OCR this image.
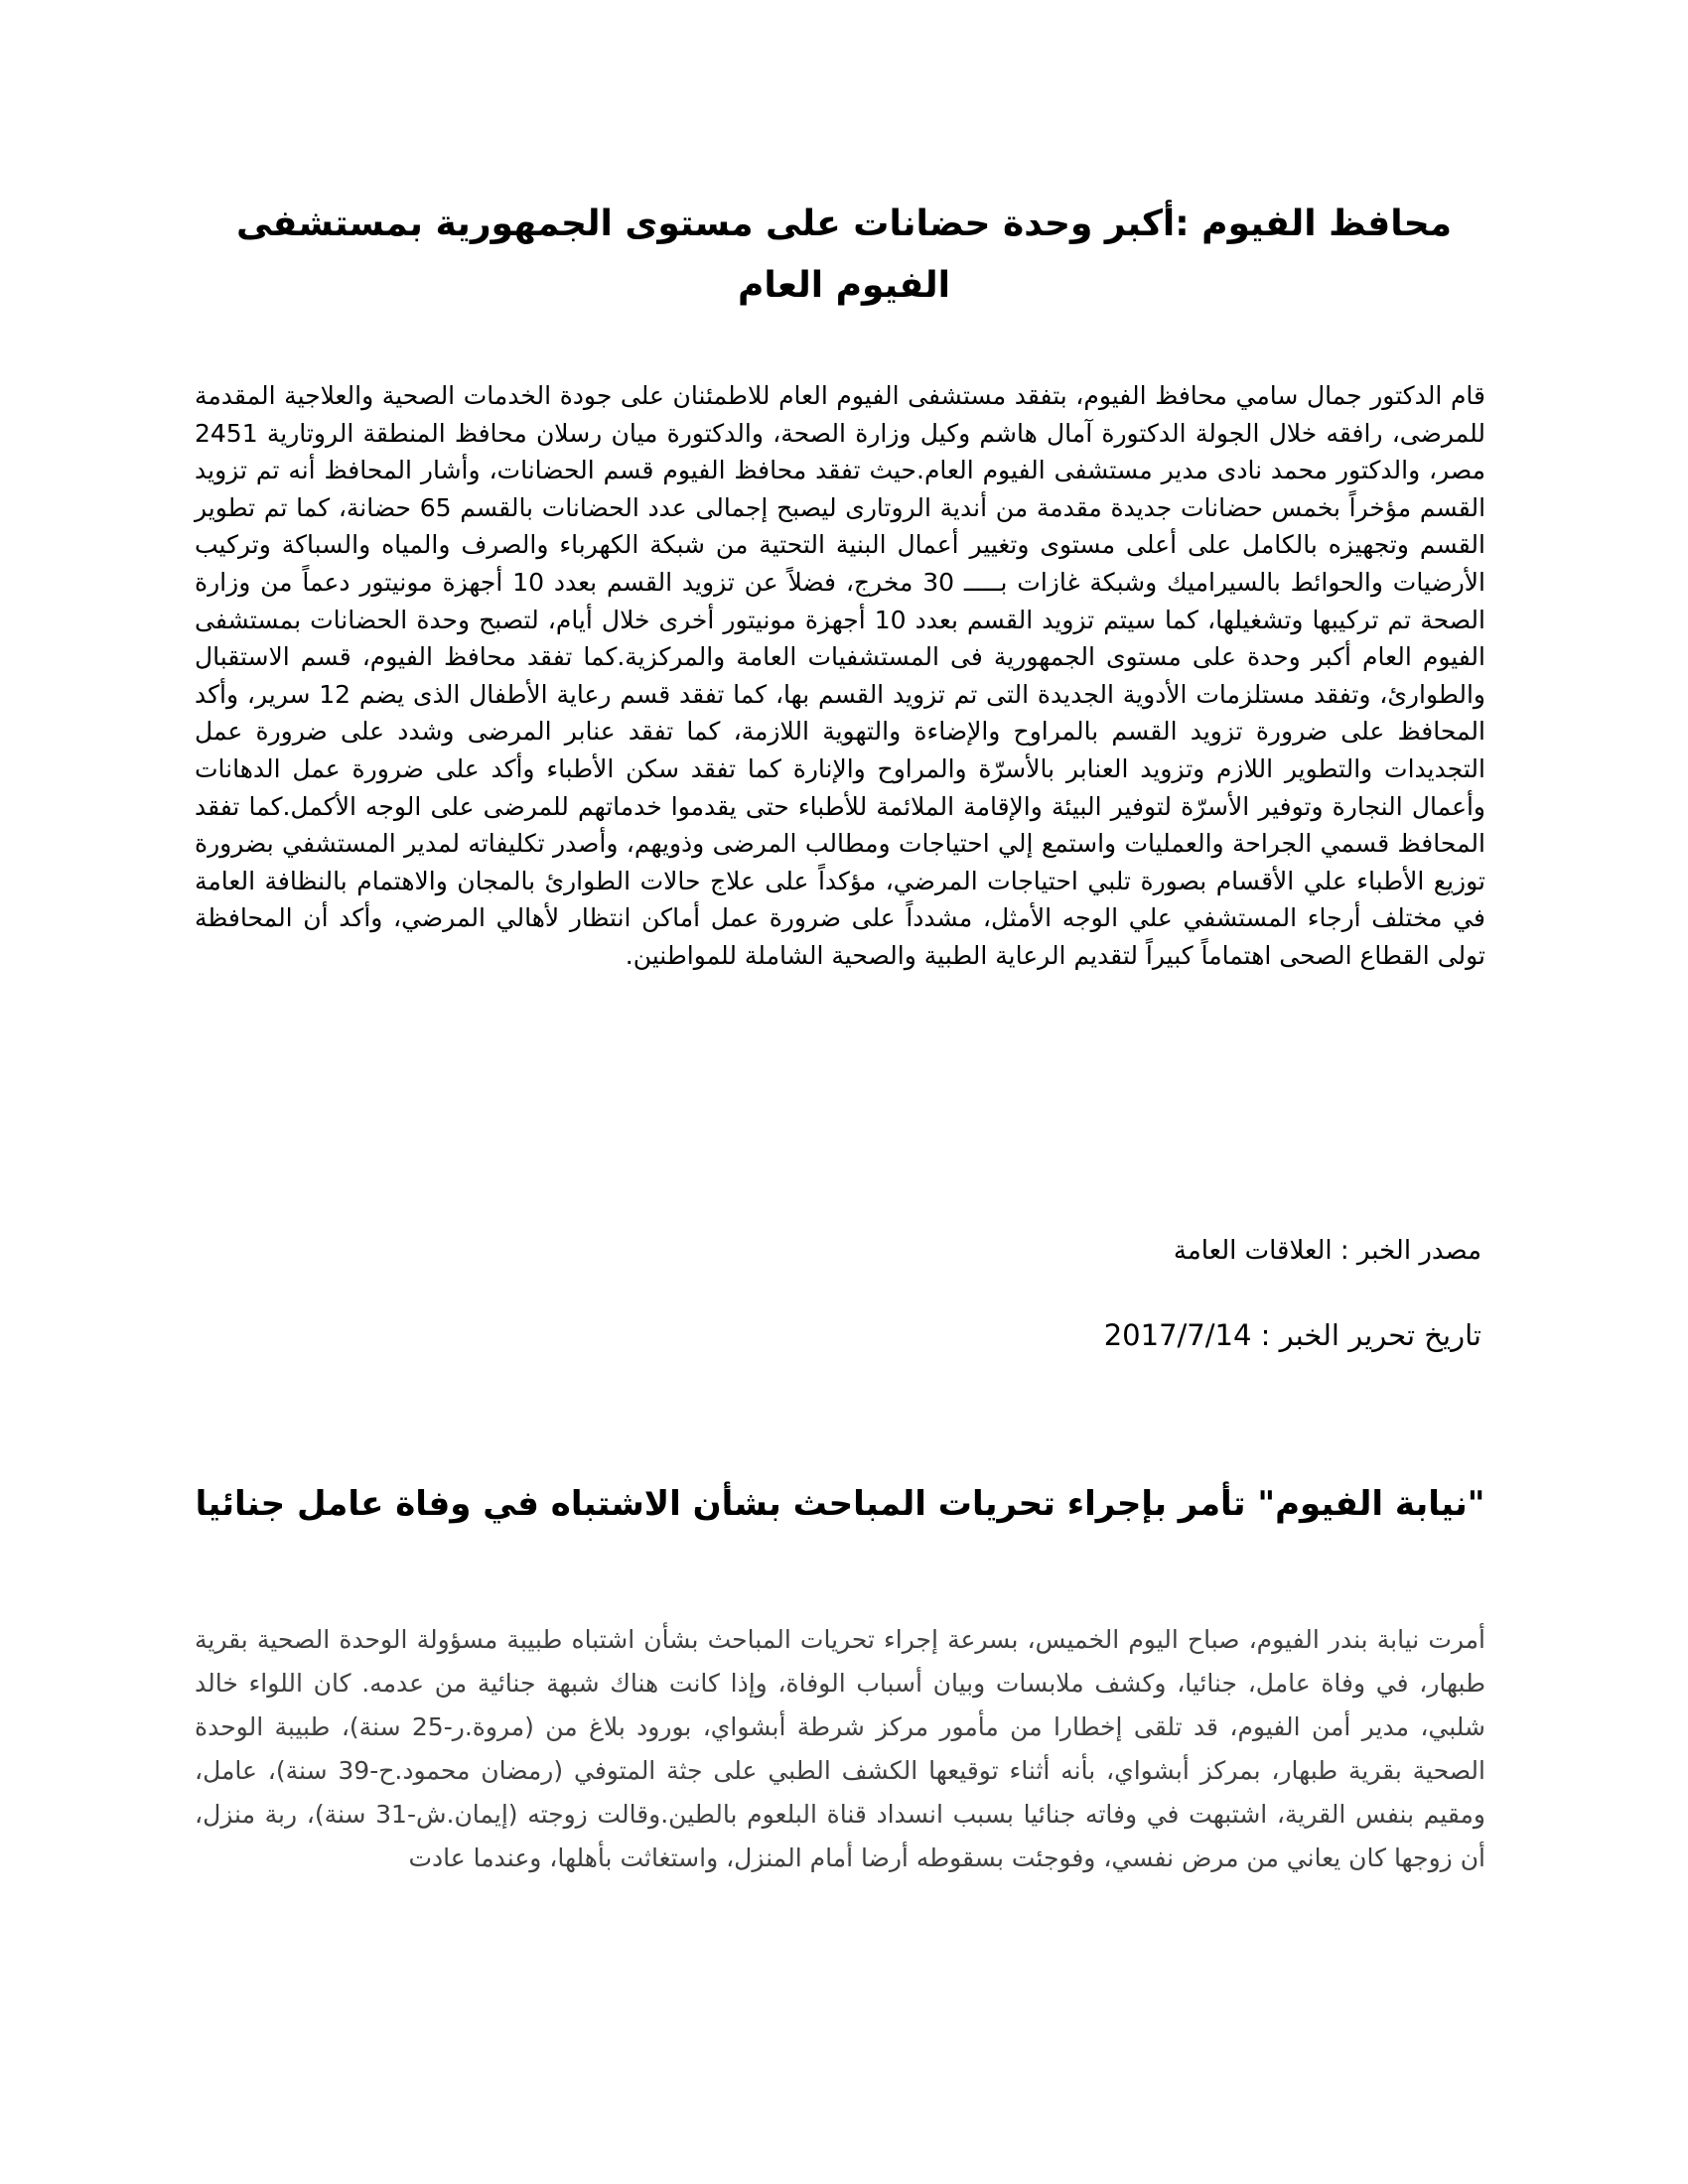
محافظ الفيوم :أكبر وحدة حضانات على مستوى الجمهورية بمستشفى الفيوم العام

قام الدكتور جمال سامي محافظ الفيوم، بتفقد مستشفى الفيوم العام للاطمئنان على جودة الخدمات الصحية والعلاجية المقدمة للمرضى، رافقه خلال الجولة الدكتورة آمال هاشم وكيل وزارة الصحة، والدكتورة ميان رسلان محافظ المنطقة الروتارية 2451 مصر، والدكتور محمد نادى مدير مستشفى الفيوم العام.حيث تفقد محافظ الفيوم قسم الحضانات، وأشار المحافظ أنه تم تزويد القسم مؤخراً بخمس حضانات جديدة مقدمة من أندية الروتارى ليصبح إجمالى عدد الحضانات بالقسم 65 حضانة، كما تم تطوير القسم وتجهيزه بالكامل على أعلى مستوى وتغيير أعمال البنية التحتية من شبكة الكهرباء والصرف والمياه والسباكة وتركيب الأرضيات والحوائط بالسيراميك وشبكة غازات بـــــ 30 مخرج، فضلاً عن تزويد القسم بعدد 10 أجهزة مونيتور دعماً من وزارة الصحة تم تركيبها وتشغيلها، كما سيتم تزويد القسم بعدد 10 أجهزة مونيتور أخرى خلال أيام، لتصبح وحدة الحضانات بمستشفى الفيوم العام أكبر وحدة على مستوى الجمهورية فى المستشفيات العامة والمركزية.كما تفقد محافظ الفيوم، قسم الاستقبال والطوارئ، وتفقد مستلزمات الأدوية الجديدة التى تم تزويد القسم بها، كما تفقد قسم رعاية الأطفال الذى يضم 12 سرير، وأكد المحافظ على ضرورة تزويد القسم بالمراوح والإضاءة والتهوية اللازمة، كما تفقد عنابر المرضى وشدد على ضرورة عمل التجديدات والتطوير اللازم وتزويد العنابر بالأسرّة والمراوح والإنارة كما تفقد سكن الأطباء وأكد على ضرورة عمل الدهانات وأعمال النجارة وتوفير الأسرّة لتوفير البيئة والإقامة الملائمة للأطباء حتى يقدموا خدماتهم للمرضى على الوجه الأكمل.كما تفقد المحافظ قسمي الجراحة والعمليات واستمع إلي احتياجات ومطالب المرضى وذويهم، وأصدر تكليفاته لمدير المستشفي بضرورة توزيع الأطباء علي الأقسام بصورة تلبي احتياجات المرضي، مؤكداً على علاج حالات الطوارئ بالمجان والاهتمام بالنظافة العامة في مختلف أرجاء المستشفي علي الوجه الأمثل، مشدداً على ضرورة عمل أماكن انتظار لأهالي المرضي، وأكد أن المحافظة تولى القطاع الصحى اهتماماً كبيراً لتقديم الرعاية الطبية والصحية الشاملة للمواطنين.

مصدر الخبر : العلاقات العامة

تاريخ تحرير الخبر : 2017/7/14

"نيابة الفيوم" تأمر بإجراء تحريات المباحث بشأن الاشتباه في وفاة عامل جنائيا

أمرت نيابة بندر الفيوم، صباح اليوم الخميس، بسرعة إجراء تحريات المباحث بشأن اشتباه طبيبة مسؤولة الوحدة الصحية بقرية طبهار، في وفاة عامل، جنائيا، وكشف ملابسات وبيان أسباب الوفاة، وإذا كانت هناك شبهة جنائية من عدمه. كان اللواء خالد شلبي، مدير أمن الفيوم، قد تلقى إخطارا من مأمور مركز شرطة أبشواي، بورود بلاغ من (مروة.ر-25 سنة)، طبيبة الوحدة الصحية بقرية طبهار، بمركز أبشواي، بأنه أثناء توقيعها الكشف الطبي على جثة المتوفي (رمضان محمود.ح-39 سنة)، عامل، ومقيم بنفس القرية، اشتبهت في وفاته جنائيا بسبب انسداد قناة البلعوم بالطين.وقالت زوجته (إيمان.ش-31 سنة)، ربة منزل، أن زوجها كان يعاني من مرض نفسي، وفوجئت بسقوطه أرضا أمام المنزل، واستغاثت بأهلها، وعندما عادت
